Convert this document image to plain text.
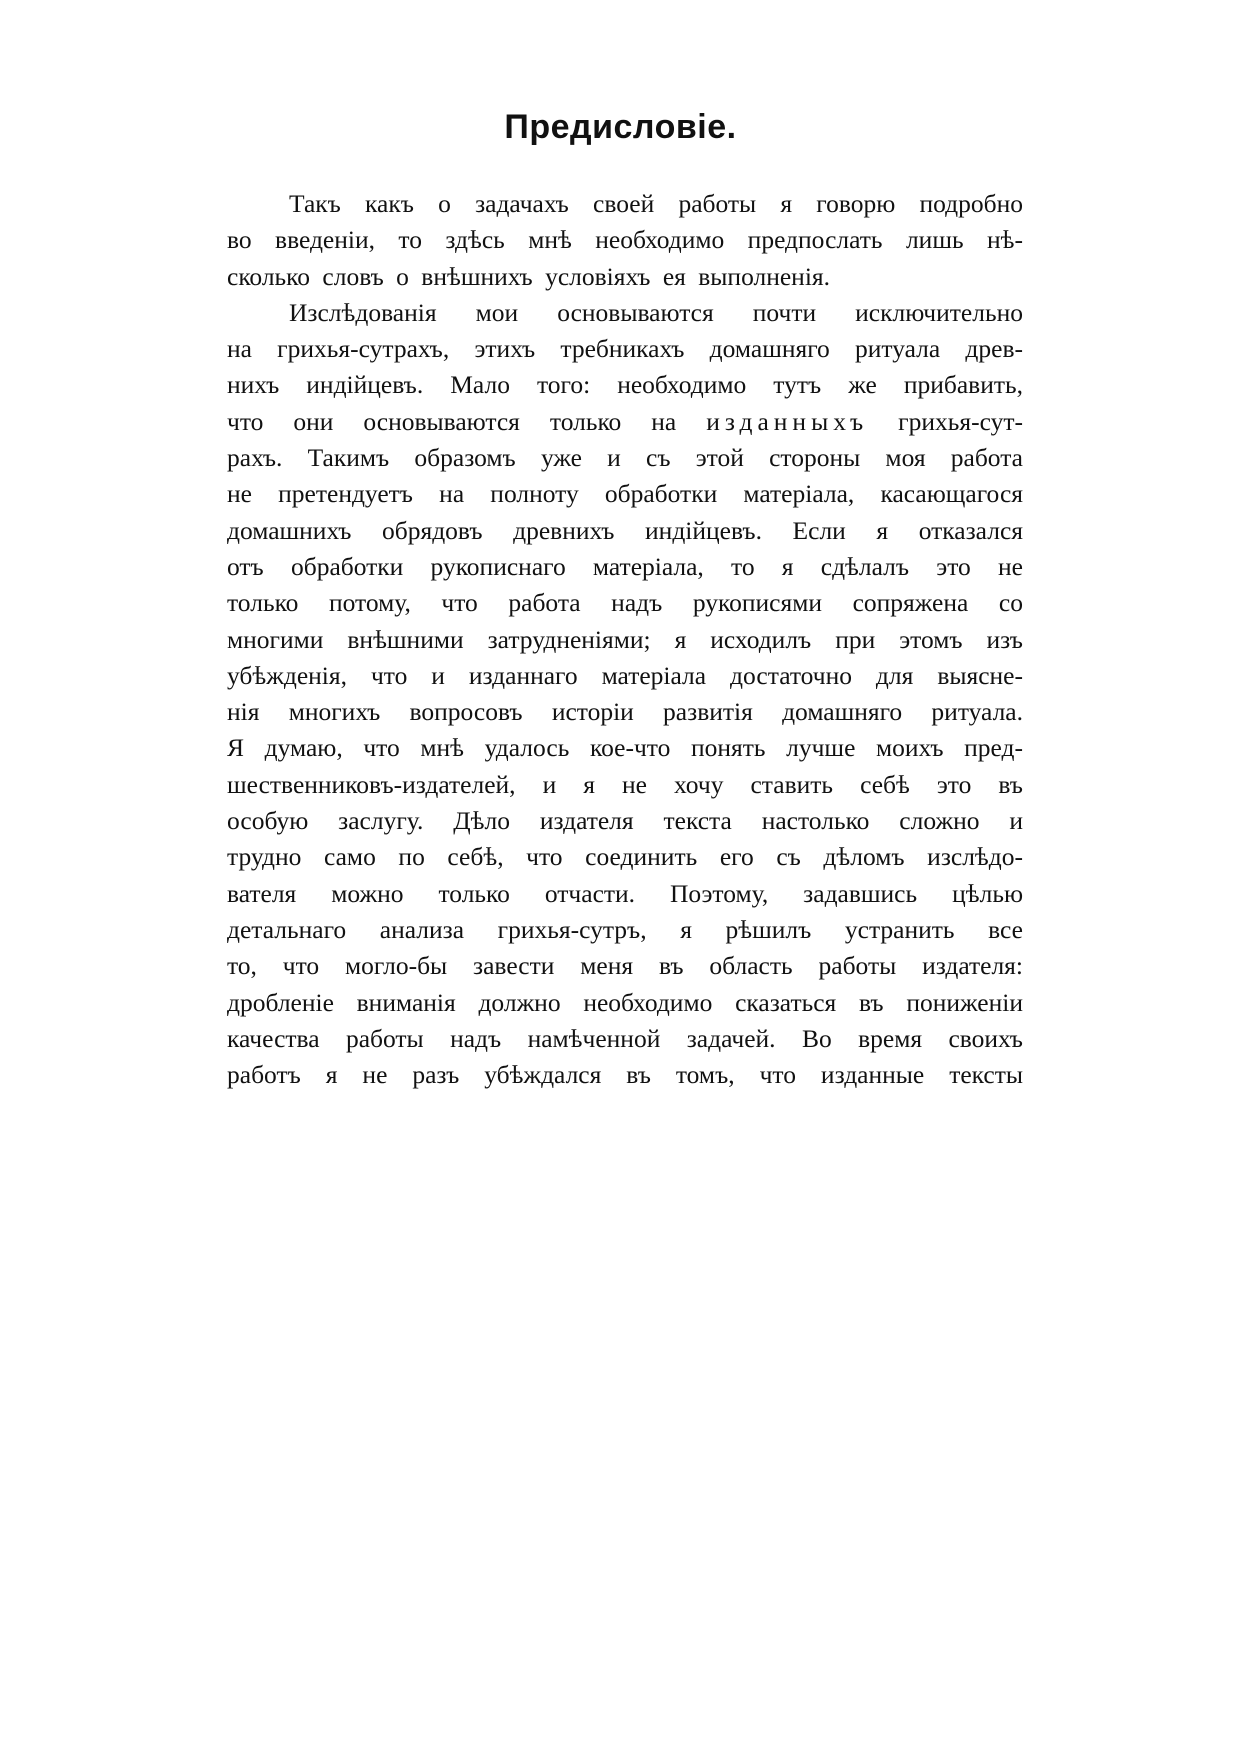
Предисловіе.
Такъ какъ о задачахъ своей работы я говорю подробно
во введеніи, то здѣсь мнѣ необходимо предпослать лишь нѣ-
сколько словъ о внѣшнихъ условіяхъ ея выполненія.
Изслѣдованія мои основываются почти исключительно
на грихья-сутрахъ, этихъ требникахъ домашняго ритуала древ-
нихъ индійцевъ. Мало того: необходимо тутъ же прибавить,
что они основываются только на изданныхъ грихья-сут-
рахъ. Такимъ образомъ уже и съ этой стороны моя работа
не претендуетъ на полноту обработки матеріала, касающагося
домашнихъ обрядовъ древнихъ индійцевъ. Если я отказался
отъ обработки рукописнаго матеріала, то я сдѣлалъ это не
только потому, что работа надъ рукописями сопряжена со
многими внѣшними затрудненіями; я исходилъ при этомъ изъ
убѣжденія, что и изданнаго матеріала достаточно для выясне-
нія многихъ вопросовъ исторіи развитія домашняго ритуала.
Я думаю, что мнѣ удалось кое-что понять лучше моихъ пред-
шественниковъ-издателей, и я не хочу ставить себѣ это въ
особую заслугу. Дѣло издателя текста настолько сложно и
трудно само по себѣ, что соединить его съ дѣломъ изслѣдо-
вателя можно только отчасти. Поэтому, задавшись цѣлью
детальнаго анализа грихья-сутръ, я рѣшилъ устранить все
то, что могло-бы завести меня въ область работы издателя:
дробленіе вниманія должно необходимо сказаться въ пониженіи
качества работы надъ намѣченной задачей. Во время своихъ
работъ я не разъ убѣждался въ томъ, что изданные тексты
